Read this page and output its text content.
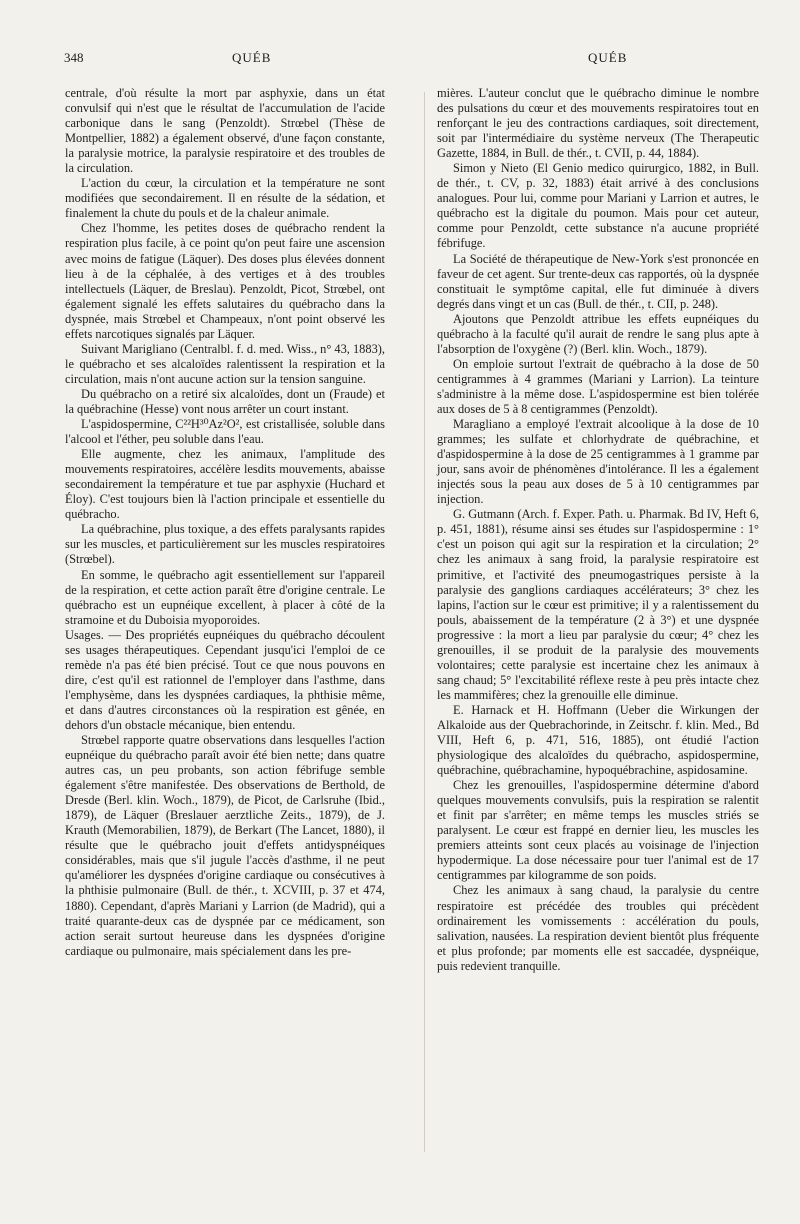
348	QUÉB	QUÉB

centrale, d'où résulte la mort par asphyxie, dans un état convulsif qui n'est que le résultat de l'accumulation de l'acide carbonique dans le sang (Penzoldt). Strœbel (Thèse de Montpellier, 1882) a également observé, d'une façon constante, la paralysie motrice, la paralysie respiratoire et des troubles de la circulation.

L'action du cœur, la circulation et la température ne sont modifiées que secondairement. Il en résulte de la sédation, et finalement la chute du pouls et de la chaleur animale.

Chez l'homme, les petites doses de québracho rendent la respiration plus facile, à ce point qu'on peut faire une ascension avec moins de fatigue (Läquer). Des doses plus élevées donnent lieu à de la céphalée, à des vertiges et à des troubles intellectuels (Läquer, de Breslau). Penzoldt, Picot, Strœbel, ont également signalé les effets salutaires du québracho dans la dyspnée, mais Strœbel et Champeaux, n'ont point observé les effets narcotiques signalés par Läquer.

Suivant Marigliano (Centralbl. f. d. med. Wiss., n° 43, 1883), le québracho et ses alcaloïdes ralentissent la respiration et la circulation, mais n'ont aucune action sur la tension sanguine.

Du québracho on a retiré six alcaloïdes, dont un (Fraude) et la québrachine (Hesse) vont nous arrêter un court instant.

L'aspidospermine, C²²H³⁰Az²O², est cristallisée, soluble dans l'alcool et l'éther, peu soluble dans l'eau.

Elle augmente, chez les animaux, l'amplitude des mouvements respiratoires, accélère lesdits mouvements, abaisse secondairement la température et tue par asphyxie (Huchard et Éloy). C'est toujours bien là l'action principale et essentielle du québracho.

La québrachine, plus toxique, a des effets paralysants rapides sur les muscles, et particulièrement sur les muscles respiratoires (Strœbel).

En somme, le québracho agit essentiellement sur l'appareil de la respiration, et cette action paraît être d'origine centrale. Le québracho est un eupnéique excellent, à placer à côté de la stramoine et du Duboisia myoporoides.

Usages. — Des propriétés eupnéiques du québracho découlent ses usages thérapeutiques. Cependant jusqu'ici l'emploi de ce remède n'a pas été bien précisé. Tout ce que nous pouvons en dire, c'est qu'il est rationnel de l'employer dans l'asthme, dans l'emphysème, dans les dyspnées cardiaques, la phthisie même, et dans d'autres circonstances où la respiration est gênée, en dehors d'un obstacle mécanique, bien entendu.

Strœbel rapporte quatre observations dans lesquelles l'action eupnéique du québracho paraît avoir été bien nette; dans quatre autres cas, un peu probants, son action fébrifuge semble également s'être manifestée. Des observations de Berthold, de Dresde (Berl. klin. Woch., 1879), de Picot, de Carlsruhe (Ibid., 1879), de Läquer (Breslauer aerztliche Zeits., 1879), de J. Krauth (Memorabilien, 1879), de Berkart (The Lancet, 1880), il résulte que le québracho jouit d'effets antidyspnéiques considérables, mais que s'il jugule l'accès d'asthme, il ne peut qu'améliorer les dyspnées d'origine cardiaque ou consécutives à la phthisie pulmonaire (Bull. de thér., t. XCVIII, p. 37 et 474, 1880). Cependant, d'après Mariani y Larrion (de Madrid), qui a traité quarante-deux cas de dyspnée par ce médicament, son action serait surtout heureuse dans les dyspnées d'origine cardiaque ou pulmonaire, mais spécialement dans les pre-

mières. L'auteur conclut que le québracho diminue le nombre des pulsations du cœur et des mouvements respiratoires tout en renforçant le jeu des contractions cardiaques, soit directement, soit par l'intermédiaire du système nerveux (The Therapeutic Gazette, 1884, in Bull. de thér., t. CVII, p. 44, 1884).

Simon y Nieto (El Genio medico quirurgico, 1882, in Bull. de thér., t. CV, p. 32, 1883) était arrivé à des conclusions analogues. Pour lui, comme pour Mariani y Larrion et autres, le québracho est la digitale du poumon. Mais pour cet auteur, comme pour Penzoldt, cette substance n'a aucune propriété fébrifuge.

La Société de thérapeutique de New-York s'est prononcée en faveur de cet agent. Sur trente-deux cas rapportés, où la dyspnée constituait le symptôme capital, elle fut diminuée à divers degrés dans vingt et un cas (Bull. de thér., t. CII, p. 248).

Ajoutons que Penzoldt attribue les effets eupnéiques du québracho à la faculté qu'il aurait de rendre le sang plus apte à l'absorption de l'oxygène (?) (Berl. klin. Woch., 1879).

On emploie surtout l'extrait de québracho à la dose de 50 centigrammes à 4 grammes (Mariani y Larrion). La teinture s'administre à la même dose. L'aspidospermine est bien tolérée aux doses de 5 à 8 centigrammes (Penzoldt).

Maragliano a employé l'extrait alcoolique à la dose de 10 grammes; les sulfate et chlorhydrate de québrachine, et d'aspidospermine à la dose de 25 centigrammes à 1 gramme par jour, sans avoir de phénomènes d'intolérance. Il les a également injectés sous la peau aux doses de 5 à 10 centigrammes par injection.

G. Gutmann (Arch. f. Exper. Path. u. Pharmak. Bd IV, Heft 6, p. 451, 1881), résume ainsi ses études sur l'aspidospermine : 1° c'est un poison qui agit sur la respiration et la circulation; 2° chez les animaux à sang froid, la paralysie respiratoire est primitive, et l'activité des pneumogastriques persiste à la paralysie des ganglions cardiaques accélérateurs; 3° chez les lapins, l'action sur le cœur est primitive; il y a ralentissement du pouls, abaissement de la température (2 à 3°) et une dyspnée progressive : la mort a lieu par paralysie du cœur; 4° chez les grenouilles, il se produit de la paralysie des mouvements volontaires; cette paralysie est incertaine chez les animaux à sang chaud; 5° l'excitabilité réflexe reste à peu près intacte chez les mammifères; chez la grenouille elle diminue.

E. Harnack et H. Hoffmann (Ueber die Wirkungen der Alkaloide aus der Quebrachorinde, in Zeitschr. f. klin. Med., Bd VIII, Heft 6, p. 471, 516, 1885), ont étudié l'action physiologique des alcaloïdes du québracho, aspidospermine, québrachine, québrachamine, hypoquébrachine, aspidosamine.

Chez les grenouilles, l'aspidospermine détermine d'abord quelques mouvements convulsifs, puis la respiration se ralentit et finit par s'arrêter; en même temps les muscles striés se paralysent. Le cœur est frappé en dernier lieu, les muscles les premiers atteints sont ceux placés au voisinage de l'injection hypodermique. La dose nécessaire pour tuer l'animal est de 17 centigrammes par kilogramme de son poids.

Chez les animaux à sang chaud, la paralysie du centre respiratoire est précédée des troubles qui précèdent ordinairement les vomissements : accélération du pouls, salivation, nausées. La respiration devient bientôt plus fréquente et plus profonde; par moments elle est saccadée, dyspnéique, puis redevient tranquille.
